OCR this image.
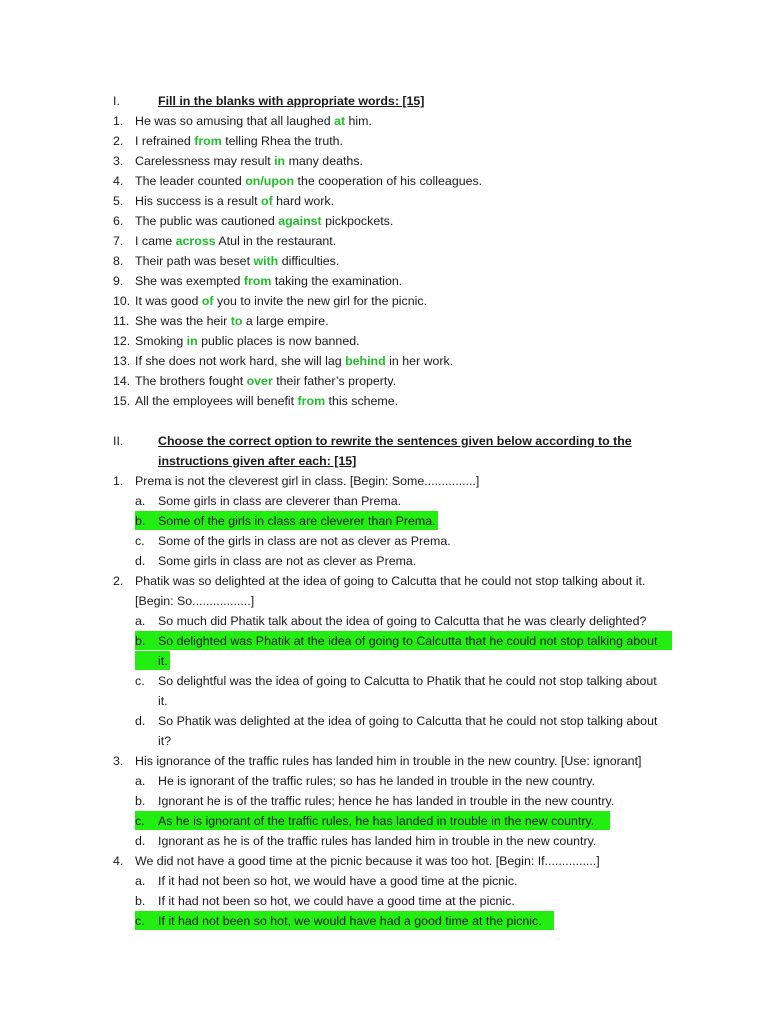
I.	Fill in the blanks with appropriate words: [15]
1. He was so amusing that all laughed at him.
2. I refrained from telling Rhea the truth.
3. Carelessness may result in many deaths.
4. The leader counted on/upon the cooperation of his colleagues.
5. His success is a result of hard work.
6. The public was cautioned against pickpockets.
7. I came across Atul in the restaurant.
8. Their path was beset with difficulties.
9. She was exempted from taking the examination.
10. It was good of you to invite the new girl for the picnic.
11. She was the heir to a large empire.
12. Smoking in public places is now banned.
13. If she does not work hard, she will lag behind in her work.
14. The brothers fought over their father’s property.
15. All the employees will benefit from this scheme.
II.	Choose the correct option to rewrite the sentences given below according to the
instructions given after each: [15]
1. Prema is not the cleverest girl in class. [Begin: Some...............]
a. Some girls in class are cleverer than Prema.
b. Some of the girls in class are cleverer than Prema.
c. Some of the girls in class are not as clever as Prema.
d. Some girls in class are not as clever as Prema.
2. Phatik was so delighted at the idea of going to Calcutta that he could not stop talking about it.
[Begin: So.................]
a. So much did Phatik talk about the idea of going to Calcutta that he was clearly delighted?
b. So delighted was Phatik at the idea of going to Calcutta that he could not stop talking about
it.
c. So delightful was the idea of going to Calcutta to Phatik that he could not stop talking about
it.
d. So Phatik was delighted at the idea of going to Calcutta that he could not stop talking about
it?
3. His ignorance of the traffic rules has landed him in trouble in the new country. [Use: ignorant]
a. He is ignorant of the traffic rules; so has he landed in trouble in the new country.
b. Ignorant he is of the traffic rules; hence he has landed in trouble in the new country.
c. As he is ignorant of the traffic rules, he has landed in trouble in the new country.
d. Ignorant as he is of the traffic rules has landed him in trouble in the new country.
4. We did not have a good time at the picnic because it was too hot. [Begin: If...............]
a. If it had not been so hot, we would have a good time at the picnic.
b. If it had not been so hot, we could have a good time at the picnic.
c. If it had not been so hot, we would have had a good time at the picnic.
